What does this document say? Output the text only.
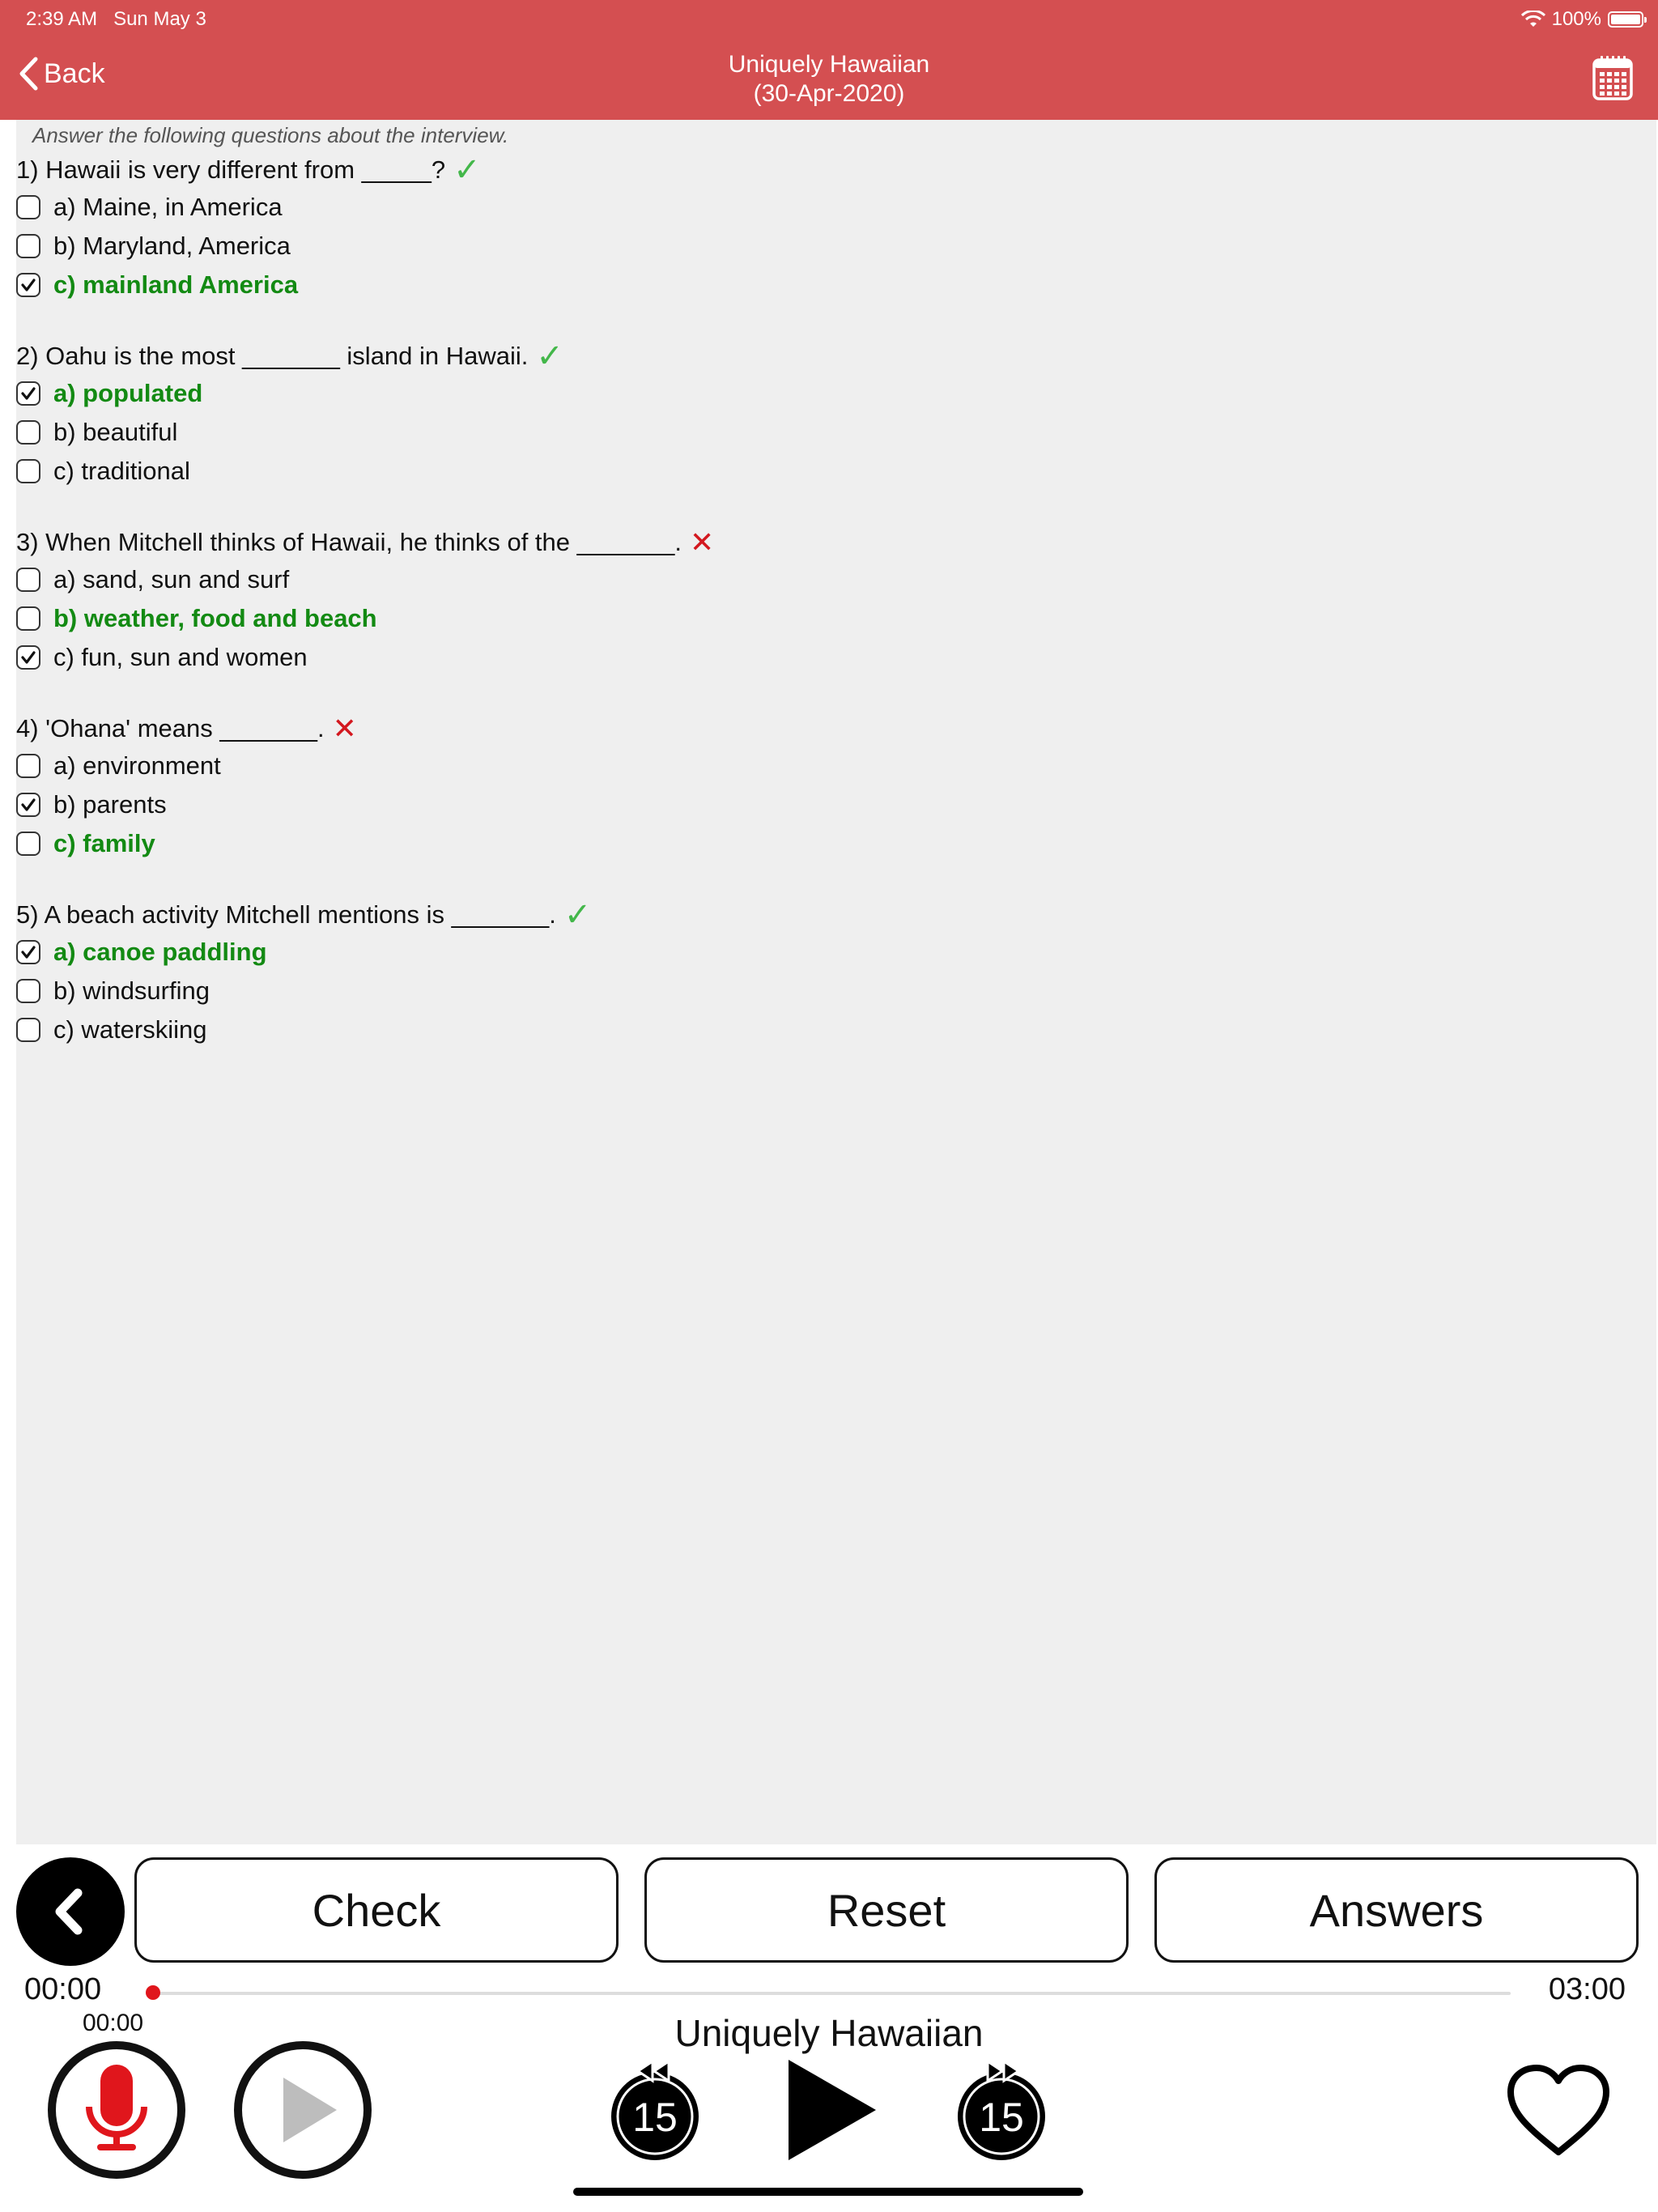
2:39 AM Sun May 3	100%
Back	Uniquely Hawaiian
(30-Apr-2020)
Answer the following questions about the interview.
1) Hawaii is very different from _____? ✓
a) Maine, in America
b) Maryland, America
c) mainland America
2) Oahu is the most _______ island in Hawaii. ✓
a) populated
b) beautiful
c) traditional
3) When Mitchell thinks of Hawaii, he thinks of the _______. ✕
a) sand, sun and surf
b) weather, food and beach
c) fun, sun and women
4) 'Ohana' means _______. ✕
a) environment
b) parents
c) family
5) A beach activity Mitchell mentions is _______. ✓
a) canoe paddling
b) windsurfing
c) waterskiing
Check	Reset	Answers
00:00	03:00
00:00	Uniquely Hawaiian
15	15
